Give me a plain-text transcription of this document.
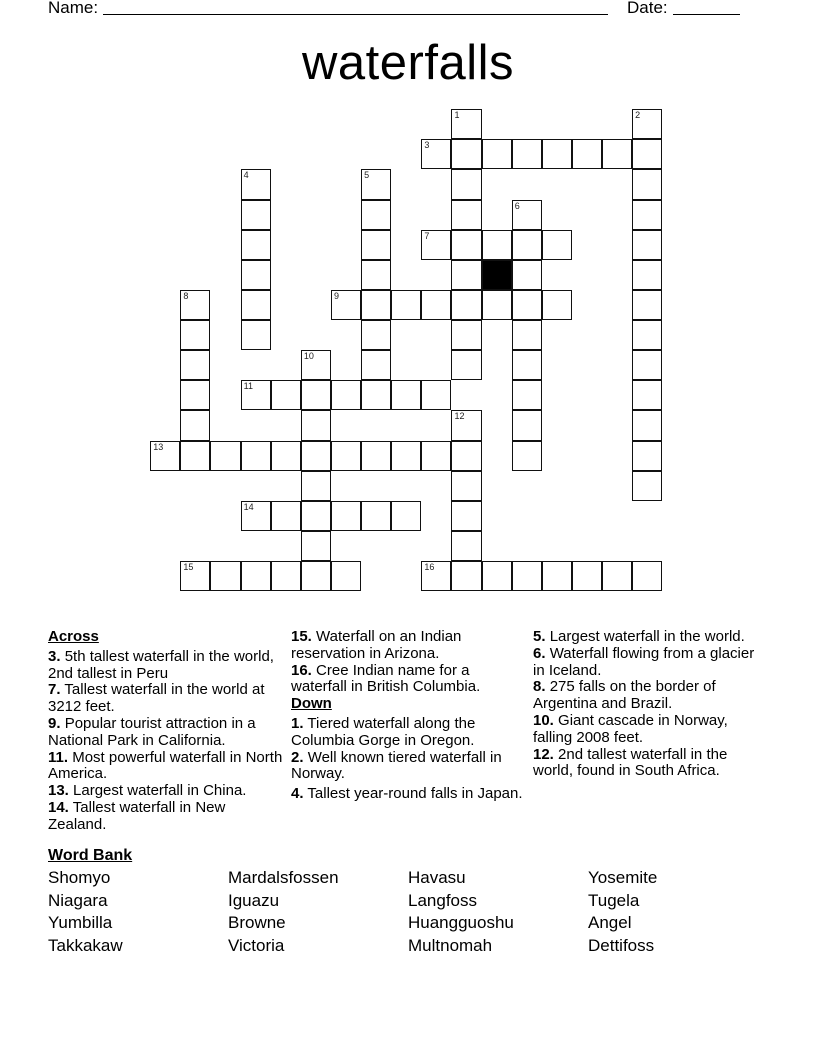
Name:

	Date:

waterfalls
1	2
3
4	5
6
7
8	9
10
11
12
13
14
15	16
Across
3. 5th tallest waterfall in the world, 2nd tallest in Peru
7. Tallest waterfall in the world at 3212 feet.
9. Popular tourist attraction in a National Park in California.
11. Most powerful waterfall in North America.
13. Largest waterfall in China.
14. Tallest waterfall in New Zealand.
15. Waterfall on an Indian reservation in Arizona.
16. Cree Indian name for a waterfall in British Columbia.
Down
1. Tiered waterfall along the Columbia Gorge in Oregon.
2. Well known tiered waterfall in Norway.
4. Tallest year-round falls in Japan.
5. Largest waterfall in the world.
6. Waterfall flowing from a glacier in Iceland.
8. 275 falls on the border of Argentina and Brazil.
10. Giant cascade in Norway, falling 2008 feet.
12. 2nd tallest waterfall in the world, found in South Africa.
Word Bank
Shomyo	Mardalsfossen	Havasu	Yosemite
Niagara	Iguazu	Langfoss	Tugela
Yumbilla	Browne	Huangguoshu	Angel
Takkakaw	Victoria	Multnomah	Dettifoss
